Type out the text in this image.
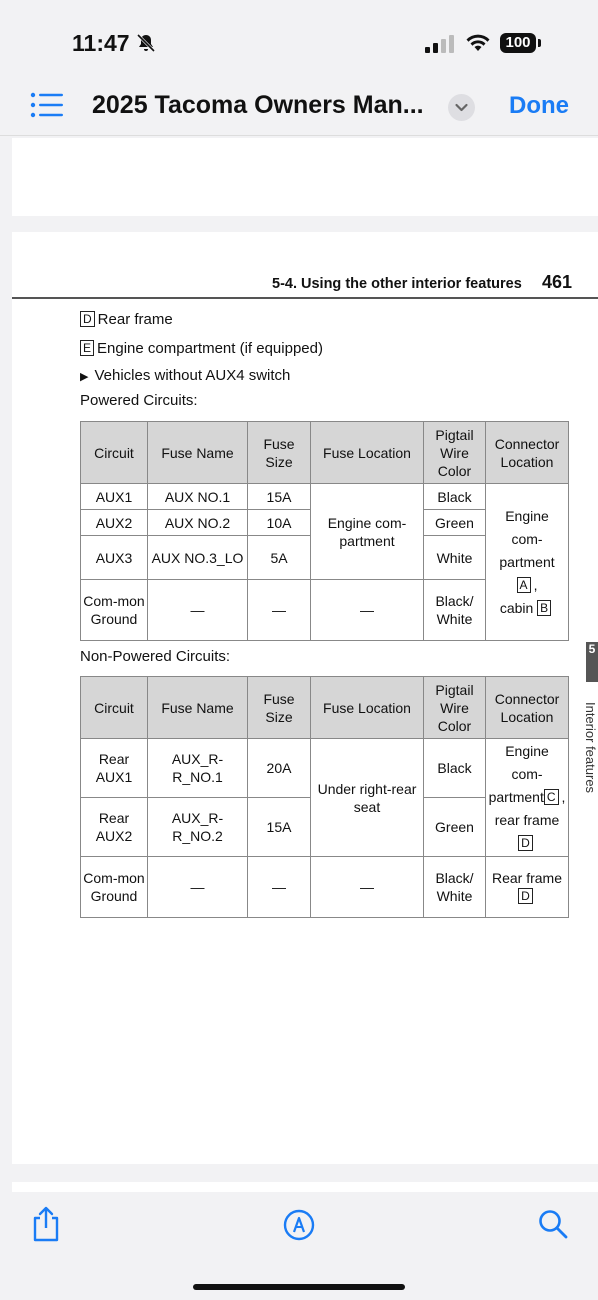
11:47	100
2025 Tacoma Owners Man...	Done
5-4. Using the other interior features 461
5
Interior features
D Rear frame
E Engine compartment (if equipped)
▶ Vehicles without AUX4 switch
Powered Circuits:
Circuit	Fuse Name	Fuse Size	Fuse Location	Pigtail Wire Color	Connector Location
AUX1	AUX NO.1	15A	Engine com-partment	Black	Engine com-partment
A ,
cabin B
AUX2	AUX NO.2	10A		Green	
AUX3	AUX NO.3_LO	5A		White	
Com-mon Ground	—	—	—	Black/ White	
Non-Powered Circuits:
Circuit	Fuse Name	Fuse Size	Fuse Location	Pigtail Wire Color	Connector Location
Rear AUX1	AUX_R-R_NO.1	20A	Under right-rear seat	Black	Engine com-partment C ,
rear frame D
Rear AUX2	AUX_R-R_NO.2	15A		Green	
Com-mon Ground	—	—	—	Black/ White	Rear frame D
